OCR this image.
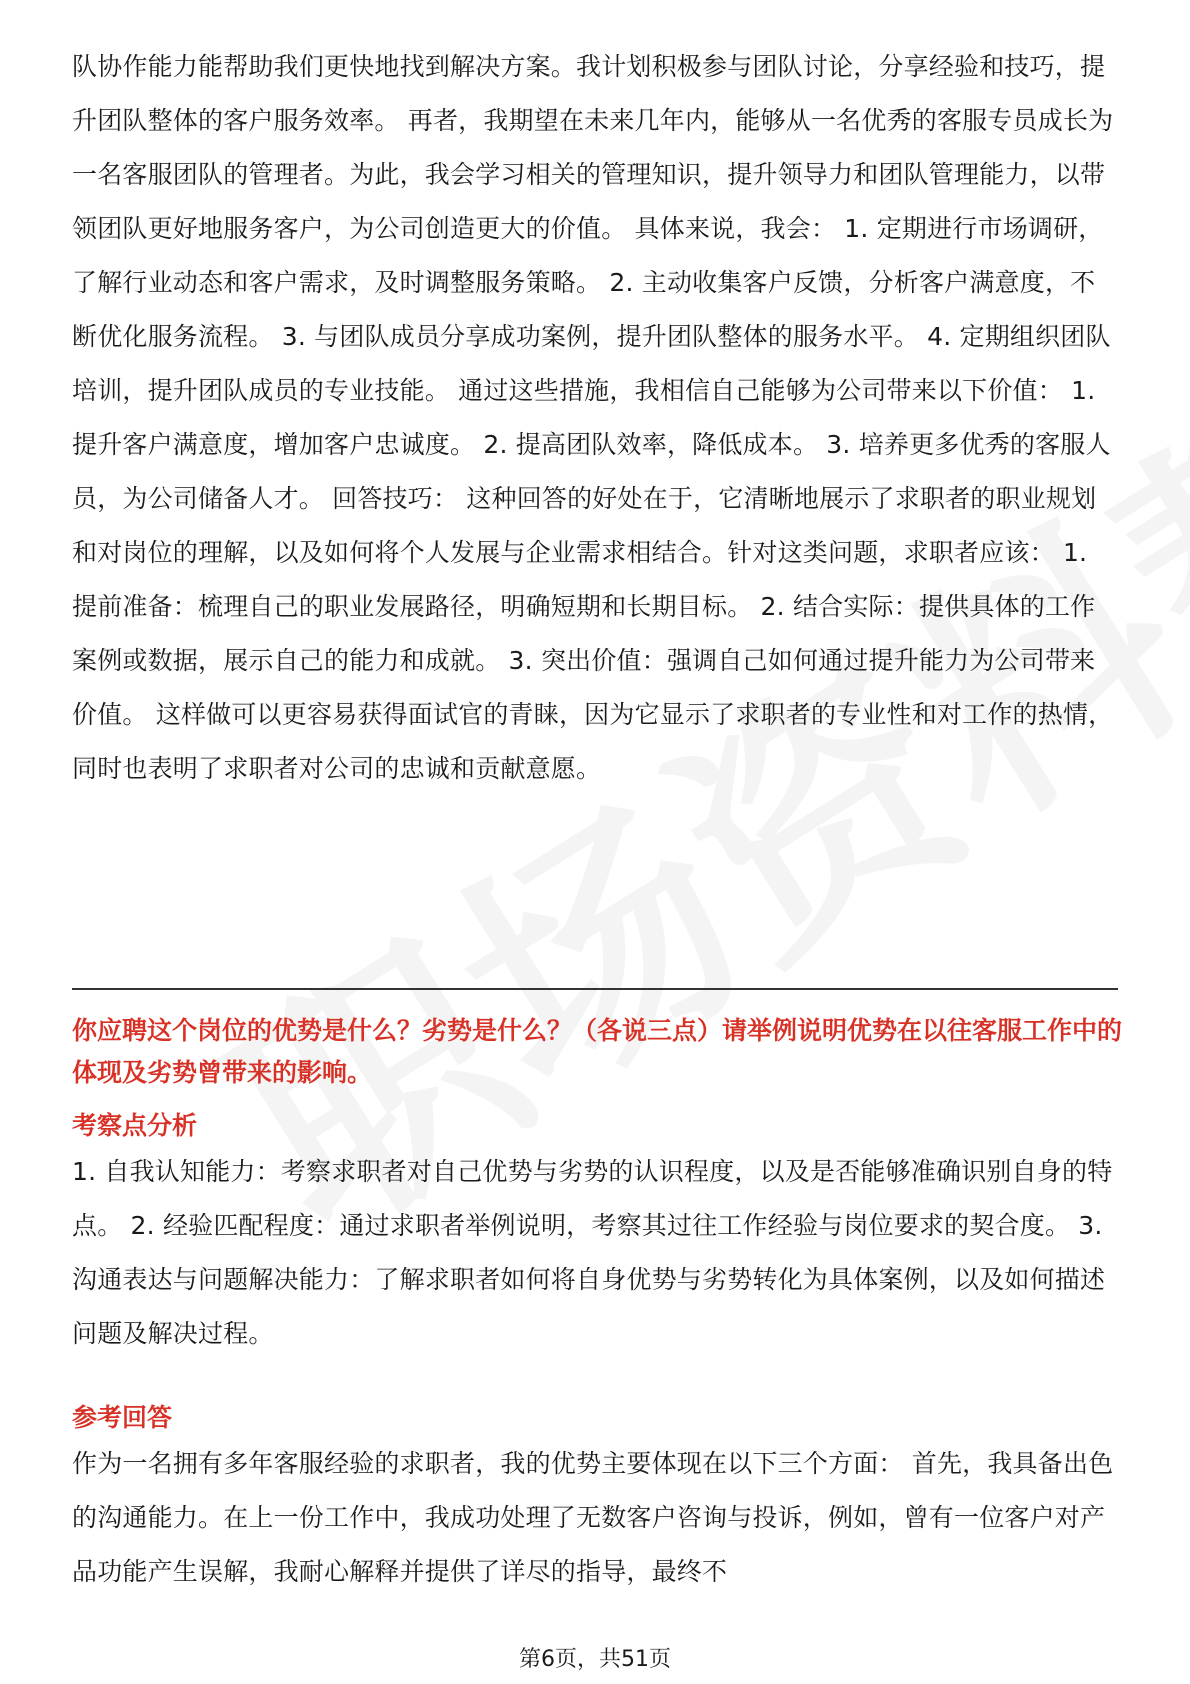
队协作能力能帮助我们更快地找到解决方案。我计划积极参与团队讨论，分享经验和技巧，提升团队整体的客户服务效率。 再者，我期望在未来几年内，能够从一名优秀的客服专员成长为一名客服团队的管理者。为此，我会学习相关的管理知识，提升领导力和团队管理能力，以带领团队更好地服务客户，为公司创造更大的价值。 具体来说，我会： 1. 定期进行市场调研，了解行业动态和客户需求，及时调整服务策略。 2. 主动收集客户反馈，分析客户满意度，不断优化服务流程。 3. 与团队成员分享成功案例，提升团队整体的服务水平。 4. 定期组织团队培训，提升团队成员的专业技能。 通过这些措施，我相信自己能够为公司带来以下价值： 1. 提升客户满意度，增加客户忠诚度。 2. 提高团队效率，降低成本。 3. 培养更多优秀的客服人员，为公司储备人才。 回答技巧： 这种回答的好处在于，它清晰地展示了求职者的职业规划和对岗位的理解，以及如何将个人发展与企业需求相结合。针对这类问题，求职者应该： 1. 提前准备：梳理自己的职业发展路径，明确短期和长期目标。 2. 结合实际：提供具体的工作案例或数据，展示自己的能力和成就。 3. 突出价值：强调自己如何通过提升能力为公司带来价值。 这样做可以更容易获得面试官的青睐，因为它显示了求职者的专业性和对工作的热情，同时也表明了求职者对公司的忠诚和贡献意愿。

你应聘这个岗位的优势是什么？劣势是什么？（各说三点）请举例说明优势在以往客服工作中的体现及劣势曾带来的影响。

考察点分析

1. 自我认知能力：考察求职者对自己优势与劣势的认识程度，以及是否能够准确识别自身的特点。 2. 经验匹配程度：通过求职者举例说明，考察其过往工作经验与岗位要求的契合度。 3. 沟通表达与问题解决能力：了解求职者如何将自身优势与劣势转化为具体案例，以及如何描述问题及解决过程。

参考回答

作为一名拥有多年客服经验的求职者，我的优势主要体现在以下三个方面： 首先，我具备出色的沟通能力。在上一份工作中，我成功处理了无数客户咨询与投诉，例如，曾有一位客户对产品功能产生误解，我耐心解释并提供了详尽的指导，最终不

第6页，共51页
